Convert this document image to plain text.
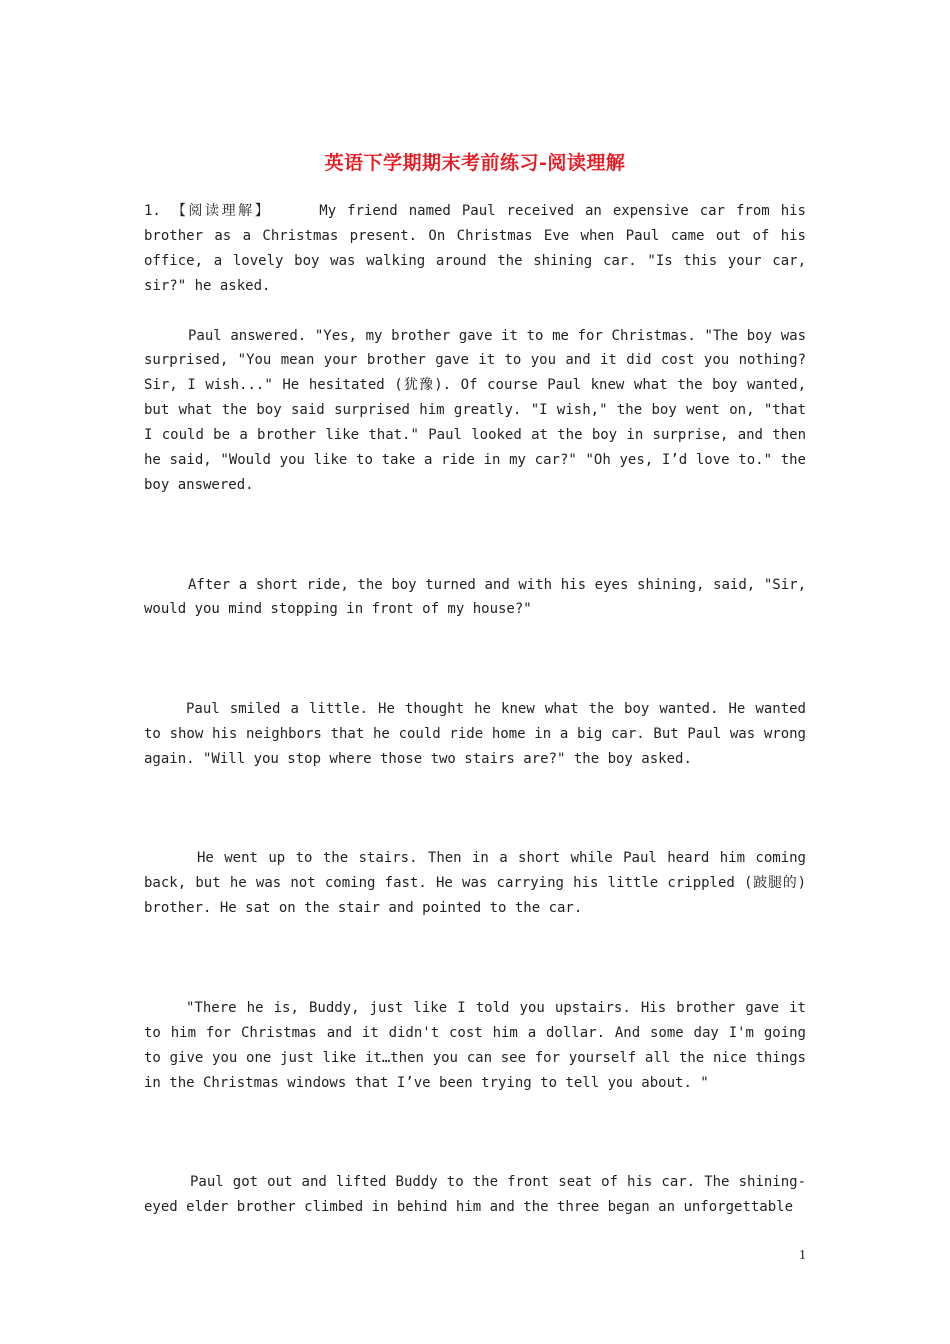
英语下学期期末考前练习-阅读理解

1. 【阅读理解】	My friend named Paul received an expensive car from his brother as a Christmas present. On Christmas Eve when Paul came out of his office, a lovely boy was walking around the shining car. "Is this your car, sir?" he asked.

Paul answered. "Yes, my brother gave it to me for Christmas. "The boy was surprised, "You mean your brother gave it to you and it did cost you nothing? Sir, I wish..." He hesitated (犹豫). Of course Paul knew what the boy wanted, but what the boy said surprised him greatly. "I wish," the boy went on, "that I could be a brother like that." Paul looked at the boy in surprise, and then he said, "Would you like to take a ride in my car?" "Oh yes, I’d love to." the boy answered.

After a short ride, the boy turned and with his eyes shining, said, "Sir, would you mind stopping in front of my house?"

Paul smiled a little. He thought he knew what the boy wanted. He wanted to show his neighbors that he could ride home in a big car. But Paul was wrong again. "Will you stop where those two stairs are?" the boy asked.

He went up to the stairs. Then in a short while Paul heard him coming back, but he was not coming fast. He was carrying his little crippled (跛腿的) brother. He sat on the stair and pointed to the car.

"There he is, Buddy, just like I told you upstairs. His brother gave it to him for Christmas and it didn't cost him a dollar. And some day I'm going to give you one just like it…then you can see for yourself all the nice things in the Christmas windows that I’ve been trying to tell you about. "

Paul got out and lifted Buddy to the front seat of his car. The shining-eyed elder brother climbed in behind him and the three began an unforgettable

1
